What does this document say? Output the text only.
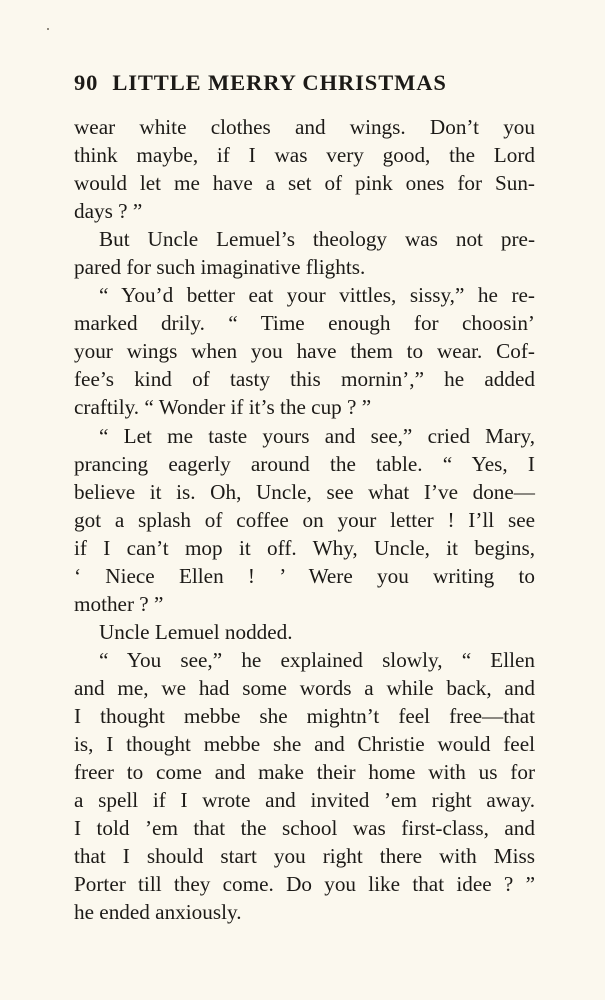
90 LITTLE MERRY CHRISTMAS
wear white clothes and wings. Don’t you
think maybe, if I was very good, the Lord
would let me have a set of pink ones for Sun-
days ? ”
But Uncle Lemuel’s theology was not pre-
pared for such imaginative flights.
“ You’d better eat your vittles, sissy,” he re-
marked drily. “ Time enough for choosin’
your wings when you have them to wear. Cof-
fee’s kind of tasty this mornin’,” he added
craftily. “ Wonder if it’s the cup ? ”
“ Let me taste yours and see,” cried Mary,
prancing eagerly around the table. “ Yes, I
believe it is. Oh, Uncle, see what I’ve done—
got a splash of coffee on your letter ! I’ll see
if I can’t mop it off. Why, Uncle, it begins,
‘ Niece Ellen ! ’ Were you writing to
mother ? ”
Uncle Lemuel nodded.
“ You see,” he explained slowly, “ Ellen
and me, we had some words a while back, and
I thought mebbe she mightn’t feel free—that
is, I thought mebbe she and Christie would feel
freer to come and make their home with us for
a spell if I wrote and invited ’em right away.
I told ’em that the school was first-class, and
that I should start you right there with Miss
Porter till they come. Do you like that idee ? ”
he ended anxiously.
